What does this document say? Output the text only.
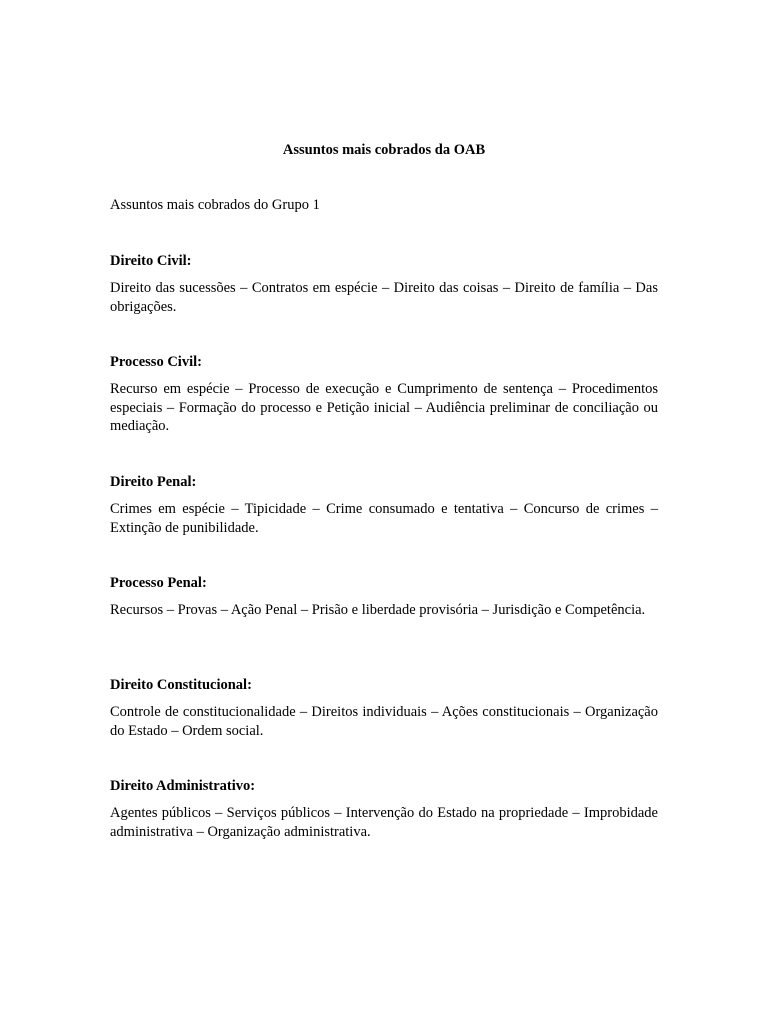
Assuntos mais cobrados da OAB

Assuntos mais cobrados do Grupo 1

Direito Civil:

Direito das sucessões – Contratos em espécie – Direito das coisas – Direito de família – Das obrigações.

Processo Civil:

Recurso em espécie – Processo de execução e Cumprimento de sentença – Procedimentos especiais – Formação do processo e Petição inicial – Audiência preliminar de conciliação ou mediação.

Direito Penal:

Crimes em espécie – Tipicidade – Crime consumado e tentativa – Concurso de crimes – Extinção de punibilidade.

Processo Penal:

Recursos – Provas – Ação Penal – Prisão e liberdade provisória – Jurisdição e Competência.

Direito Constitucional:

Controle de constitucionalidade – Direitos individuais – Ações constitucionais – Organização do Estado – Ordem social.

Direito Administrativo:

Agentes públicos – Serviços públicos – Intervenção do Estado na propriedade – Improbidade administrativa – Organização administrativa.
